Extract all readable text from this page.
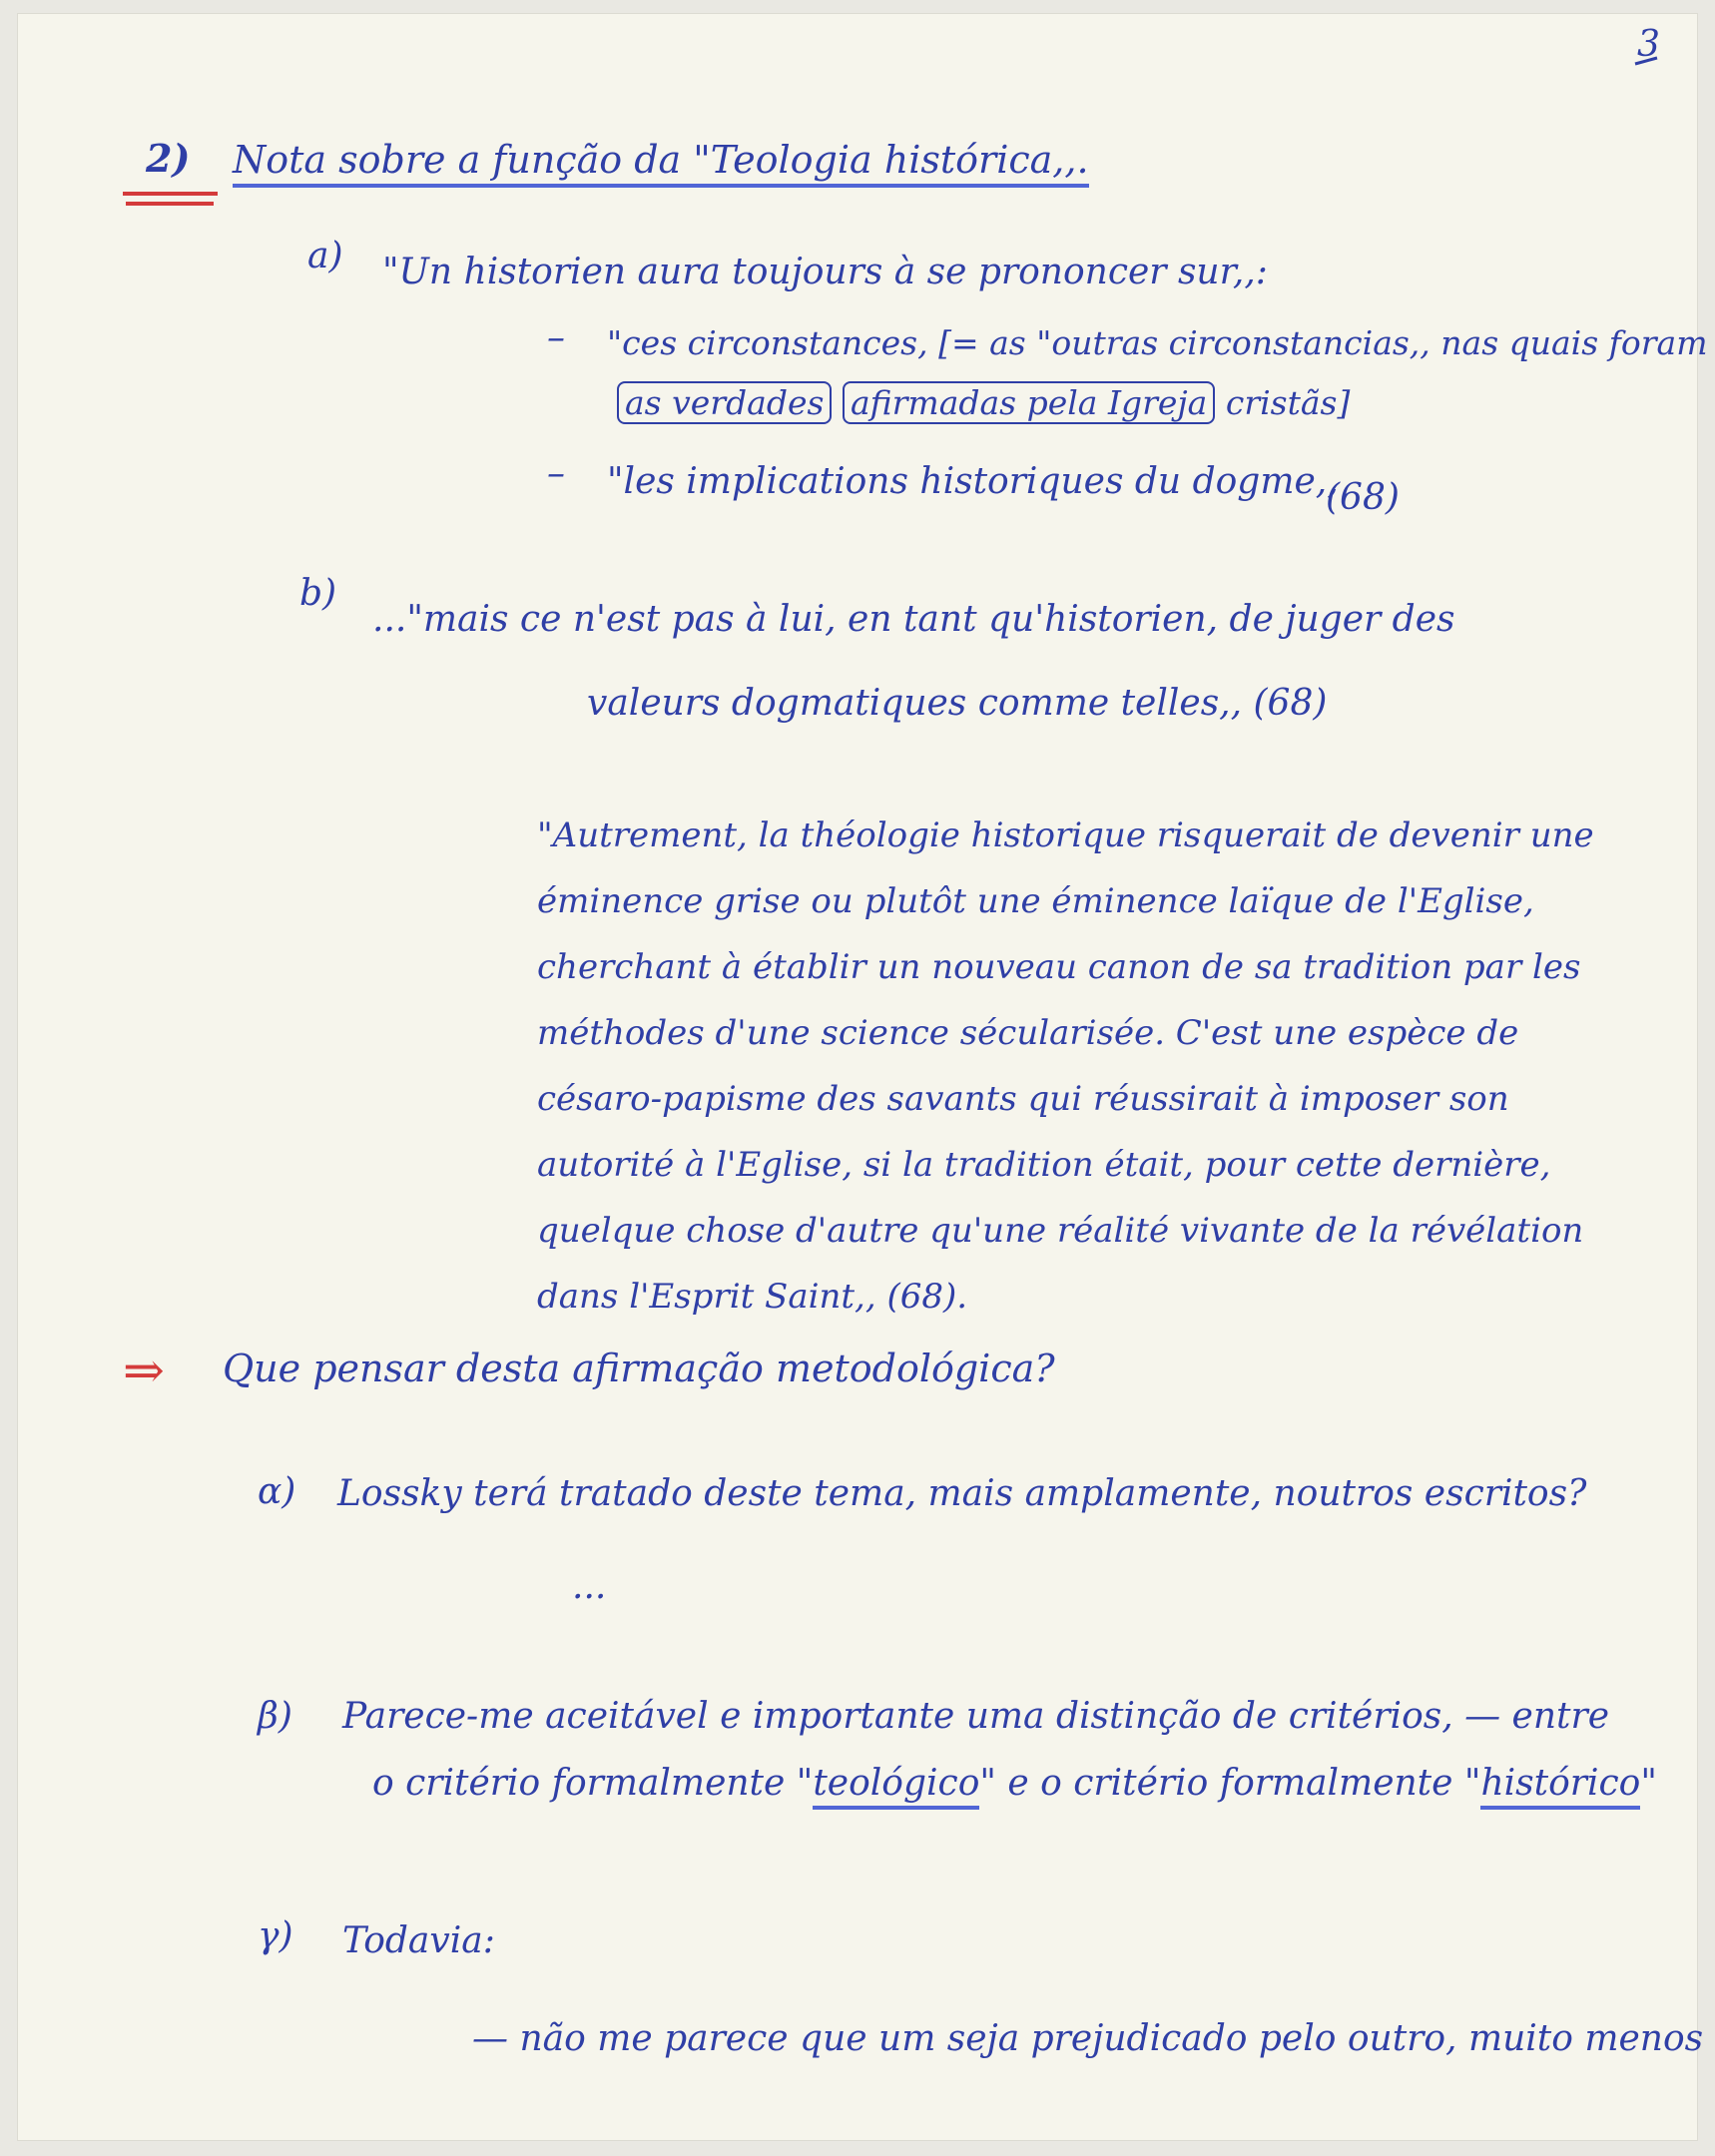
3
2) Nota sobre a função da "Teologia histórica,,.
a) "Un historien aura toujours à se prononcer sur,,:
– "ces circonstances, [= as "outras circonstancias,, nas quais foram
as verdades afirmadas pela Igreja cristãs]
– "les implications historiques du dogme,,
(68)
b)
..."mais ce n'est pas à lui, en tant qu'historien, de juger des
valeurs dogmatiques comme telles,, (68)
"Autrement, la théologie historique risquerait de devenir une éminence grise ou plutôt une éminence laïque de l'Eglise, cherchant à établir un nouveau canon de sa tradition par les méthodes d'une science sécularisée. C'est une espèce de césaro-papisme des savants qui réussirait à imposer son autorité à l'Eglise, si la tradition était, pour cette dernière, quelque chose d'autre qu'une réalité vivante de la révélation dans l'Esprit Saint,, (68).
⇒ Que pensar desta afirmação metodológica?
α) Lossky terá tratado deste tema, mais amplamente, noutros escritos?
...
β) Parece-me aceitável e importante uma distinção de critérios, — entre
o critério formalmente "teológico" e o critério formalmente "histórico"
γ) Todavia:
— não me parece que um seja prejudicado pelo outro, muito menos
